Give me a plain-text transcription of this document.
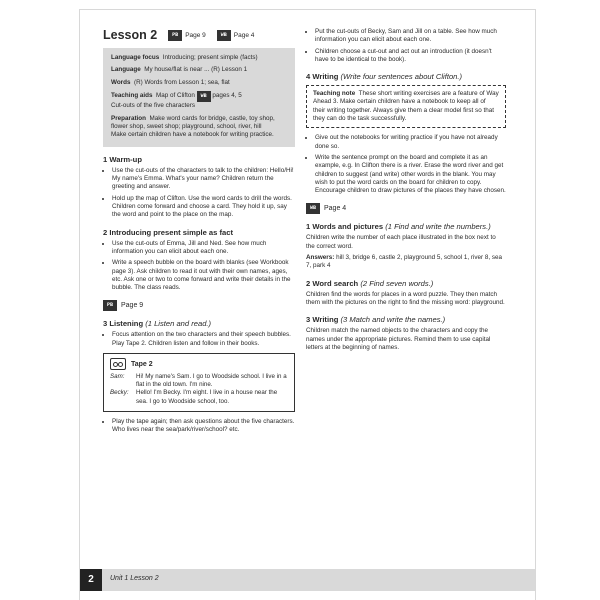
Lesson 2	PB	Page 9	WB	Page 4
Language focus Introducing; present simple (facts)
Language My house/flat is near ... (R) Lesson 1
Words (R) Words from Lesson 1; sea, flat
Teaching aids Map of Clifton WB pages 4, 5
Cut-outs of the five characters
Preparation Make word cards for bridge, castle, toy shop, flower shop, sweet shop; playground, school, river, hill
Make certain children have a notebook for writing practice.
1 Warm-up
• Use the cut-outs of the characters to talk to the children: Hello/Hi! My name's Emma. What's your name? Children return the greeting and answer.
• Hold up the map of Clifton. Use the word cards to drill the words. Children come forward and choose a card. They hold it up, say the word and point to the place on the map.
2 Introducing present simple as fact
• Use the cut-outs of Emma, Jill and Ned. See how much information you can elicit about each one.
• Write a speech bubble on the board with blanks (see Workbook page 3). Ask children to read it out with their own names, ages, etc. Ask one or two to come forward and write their details in the bubble. The class reads.
PB	Page 9
3 Listening (1 Listen and read.)
• Focus attention on the two characters and their speech bubbles. Play Tape 2. Children listen and follow in their books.
Tape 2
Sam:	Hi! My name's Sam. I go to Woodside school. I live in a flat in the old town. I'm nine.
Becky:	Hello! I'm Becky. I'm eight. I live in a house near the sea. I go to Woodside school, too.
• Play the tape again; then ask questions about the five characters. Who lives near the sea/park/river/school? etc.
• Put the cut-outs of Becky, Sam and Jill on a table. See how much information you can elicit about each one.
• Children choose a cut-out and act out an introduction (it doesn't have to be identical to the book).
4 Writing (Write four sentences about Clifton.)
Teaching note These short writing exercises are a feature of Way Ahead 3. Make certain children have a notebook to keep all of their writing together. Always give them a clear model first so that they can do the task successfully.
• Give out the notebooks for writing practice if you have not already done so.
• Write the sentence prompt on the board and complete it as an example, e.g. In Clifton there is a river. Erase the word river and get children to suggest (and write) other words in the blank. You may wish to put the word cards on the board for children to copy. Encourage children to draw pictures of the places they have chosen.
WB	Page 4
1 Words and pictures (1 Find and write the numbers.)

Children write the number of each place illustrated in the box next to the correct word.

Answers: hill 3, bridge 6, castle 2, playground 5, school 1, river 8, sea 7, park 4

2 Word search (2 Find seven words.)

Children find the words for places in a word puzzle. They then match them with the pictures on the right to find the missing word: playground.

3 Writing (3 Match and write the names.)

Children match the named objects to the characters and copy the names under the appropriate pictures. Remind them to use capital letters at the beginning of names.

2	Unit 1 Lesson 2
